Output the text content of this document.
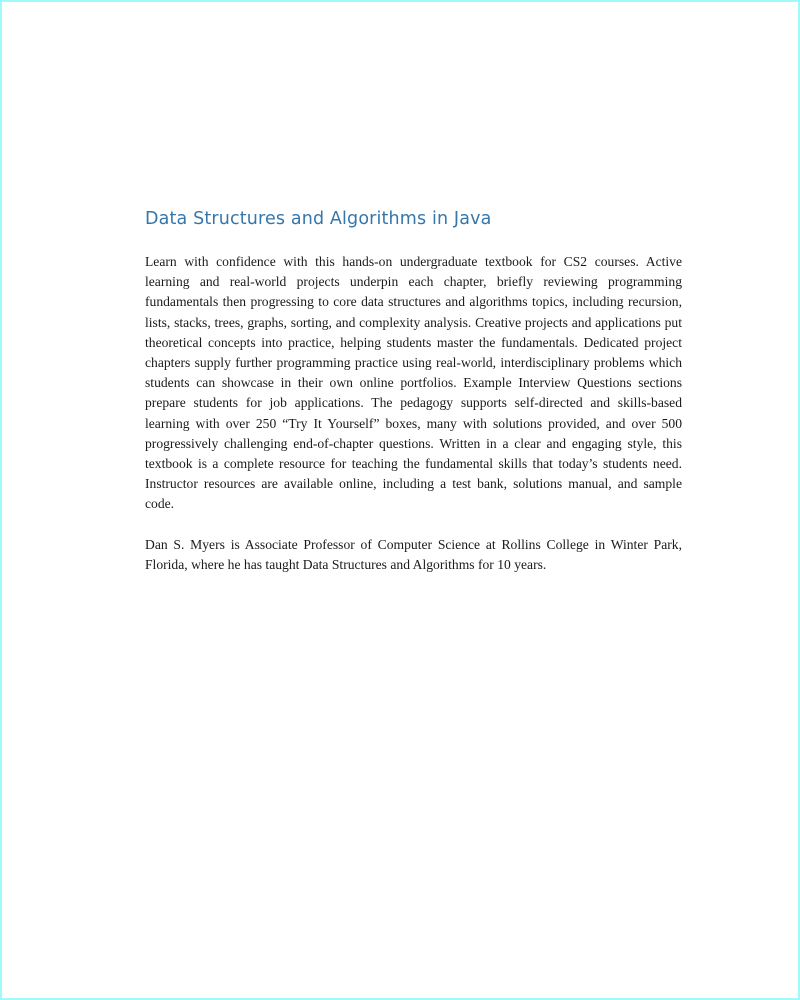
Data Structures and Algorithms in Java

Learn with confidence with this hands-on undergraduate textbook for CS2 courses. Active learning and real-world projects underpin each chapter, briefly reviewing programming fundamentals then progressing to core data structures and algorithms topics, including recursion, lists, stacks, trees, graphs, sorting, and complexity analysis. Creative projects and applications put theoretical concepts into practice, helping students master the fundamentals. Dedicated project chapters supply further programming practice using real-world, interdisciplinary problems which students can showcase in their own online portfolios. Example Interview Questions sections prepare students for job applications. The pedagogy supports self-directed and skills-based learning with over 250 “Try It Yourself” boxes, many with solutions provided, and over 500 progressively challenging end-of-chapter questions. Written in a clear and engaging style, this textbook is a complete resource for teaching the fundamental skills that today’s students need. Instructor resources are available online, including a test bank, solutions manual, and sample code.

Dan S. Myers is Associate Professor of Computer Science at Rollins College in Winter Park, Florida, where he has taught Data Structures and Algorithms for 10 years.
